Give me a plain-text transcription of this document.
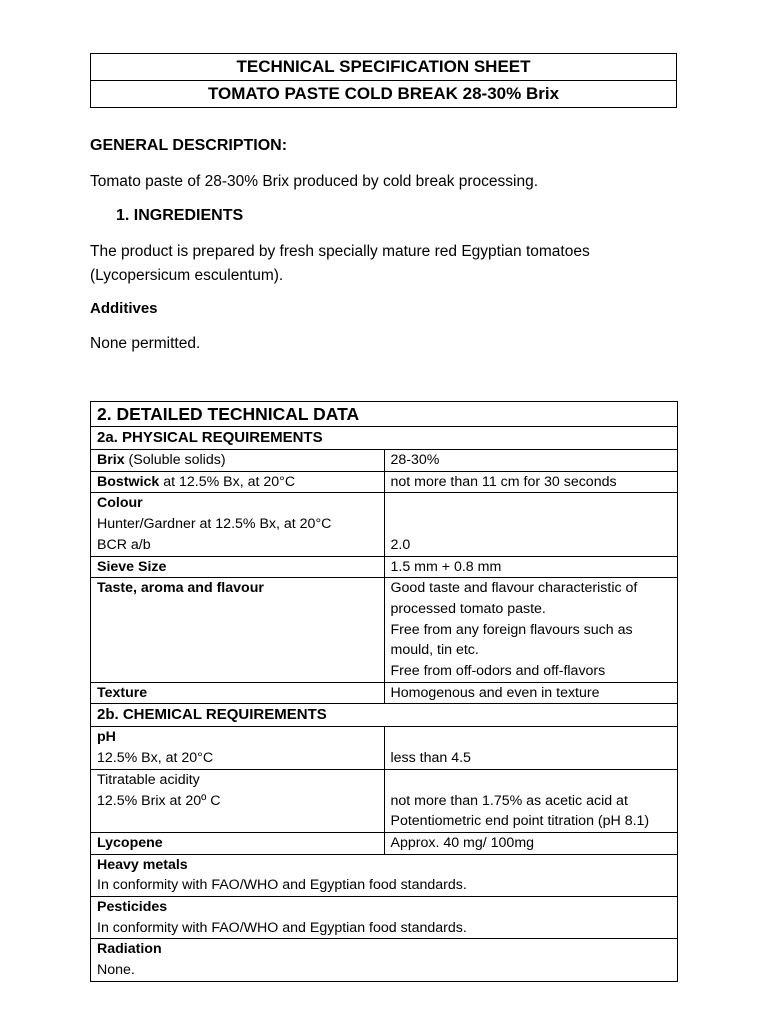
TECHNICAL SPECIFICATION SHEET
TOMATO PASTE COLD BREAK 28-30% Brix
GENERAL DESCRIPTION:
Tomato paste of 28-30% Brix produced by cold break processing.
1. INGREDIENTS
The product is prepared by fresh specially mature red Egyptian tomatoes
(Lycopersicum esculentum).
Additives
None permitted.
2. DETAILED TECHNICAL DATA	
2a. PHYSICAL REQUIREMENTS	
Brix (Soluble solids)	28-30%
Bostwick at 12.5% Bx, at 20°C	not more than 11 cm for 30 seconds

Colour
Hunter/Gardner at 12.5% Bx, at 20°C
BCR a/b	2.0
Sieve Size	1.5 mm + 0.8 mm
Taste, aroma and flavour	Good taste and flavour characteristic of
processed tomato paste.
Free from any foreign flavours such as
mould, tin etc.
Free from off-odors and off-flavors

Texture	Homogenous and even in texture
2b. CHEMICAL REQUIREMENTS	

pH
12.5% Bx, at 20°C	less than 4.5

Titratable acidity
12.5% Brix at 20º C	not more than 1.75% as acetic acid at
Potentiometric end point titration (pH 8.1)

Lycopene	Approx. 40 mg/ 100mg

Heavy metals
In conformity with FAO/WHO and Egyptian food standards.	

Pesticides
In conformity with FAO/WHO and Egyptian food standards.	

Radiation
None.	
